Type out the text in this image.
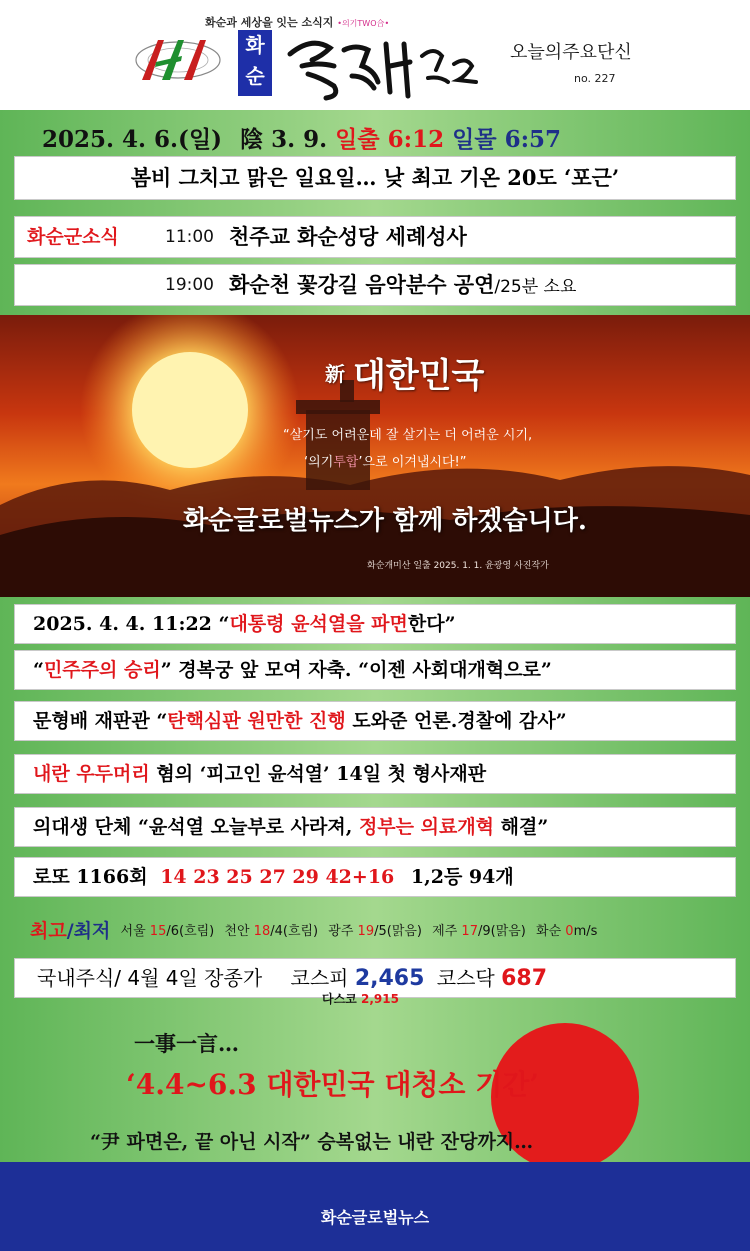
화순과 세상을 잇는 소식지 •의기TWO合•
화
순
오늘의주요단신
no. 227
2025. 4. 6.(일) 陰 3. 9. 일출 6:12 일몰 6:57
봄비 그치고 맑은 일요일… 낮 최고 기온 20도 ‘포근’
화순군소식	11:00 천주교 화순성당 세례성사
19:00 화순천 꽃강길 음악분수 공연/25분 소요
新 대한민국
“살기도 어려운데 잘 살기는 더 어려운 시기,
‘의기투합’으로 이겨냅시다!”
화순글로벌뉴스가 함께 하겠습니다.
화순개미산 일출 2025. 1. 1. 윤광영 사진작가
2025. 4. 4. 11:22 “대통령 윤석열을 파면한다”
“민주주의 승리” 경복궁 앞 모여 자축. “이젠 사회대개혁으로”
문형배 재판관 “탄핵심판 원만한 진행 도와준 언론.경찰에 감사”
내란 우두머리 혐의 ‘피고인 윤석열’ 14일 첫 형사재판
의대생 단체 “윤석열 오늘부로 사라져, 정부는 의료개혁 해결”
로또 1166회 14 23 25 27 29 42+16 1,2등 94개
최고/최저 서울 15/6(흐림) 천안 18/4(흐림) 광주 19/5(맑음) 제주 17/9(맑음) 화순 0m/s
국내주식/ 4월 4일 장종가 코스피 2,465 코스닥 687
다스코 2,915
一事一言…
‘4.4~6.3 대한민국 대청소 기간’
“尹 파면은, 끝 아닌 시작” 승복없는 내란 잔당까지…
화순글로벌뉴스
